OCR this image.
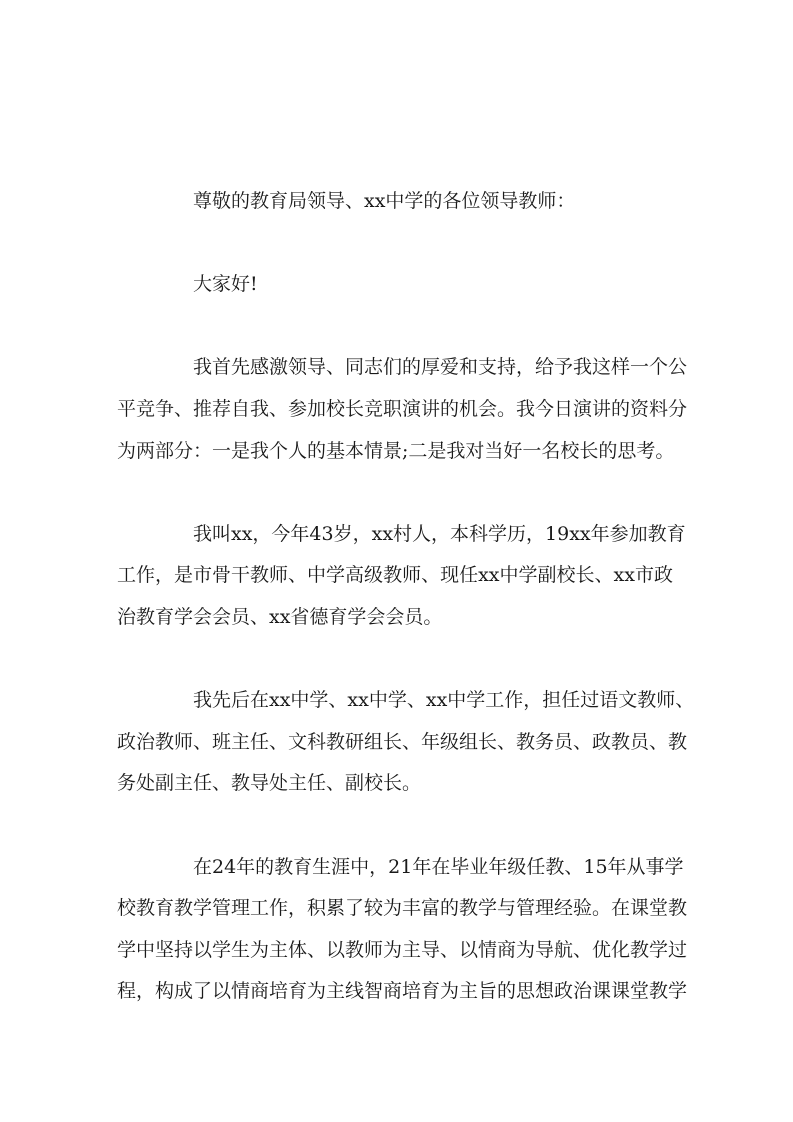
尊敬的教育局领导、xx中学的各位领导教师：

大家好!

我首先感激领导、同志们的厚爱和支持，给予我这样一个公
平竞争、推荐自我、参加校长竞职演讲的机会。我今日演讲的资料分
为两部分：一是我个人的基本情景;二是我对当好一名校长的思考。

我叫xx，今年43岁，xx村人，本科学历，19xx年参加教育
工作，是市骨干教师、中学高级教师、现任xx中学副校长、xx市政
治教育学会会员、xx省德育学会会员。

我先后在xx中学、xx中学、xx中学工作，担任过语文教师、
政治教师、班主任、文科教研组长、年级组长、教务员、政教员、教
务处副主任、教导处主任、副校长。

在24年的教育生涯中，21年在毕业年级任教、15年从事学
校教育教学管理工作，积累了较为丰富的教学与管理经验。在课堂教
学中坚持以学生为主体、以教师为主导、以情商为导航、优化教学过
程，构成了以情商培育为主线智商培育为主旨的思想政治课课堂教学
